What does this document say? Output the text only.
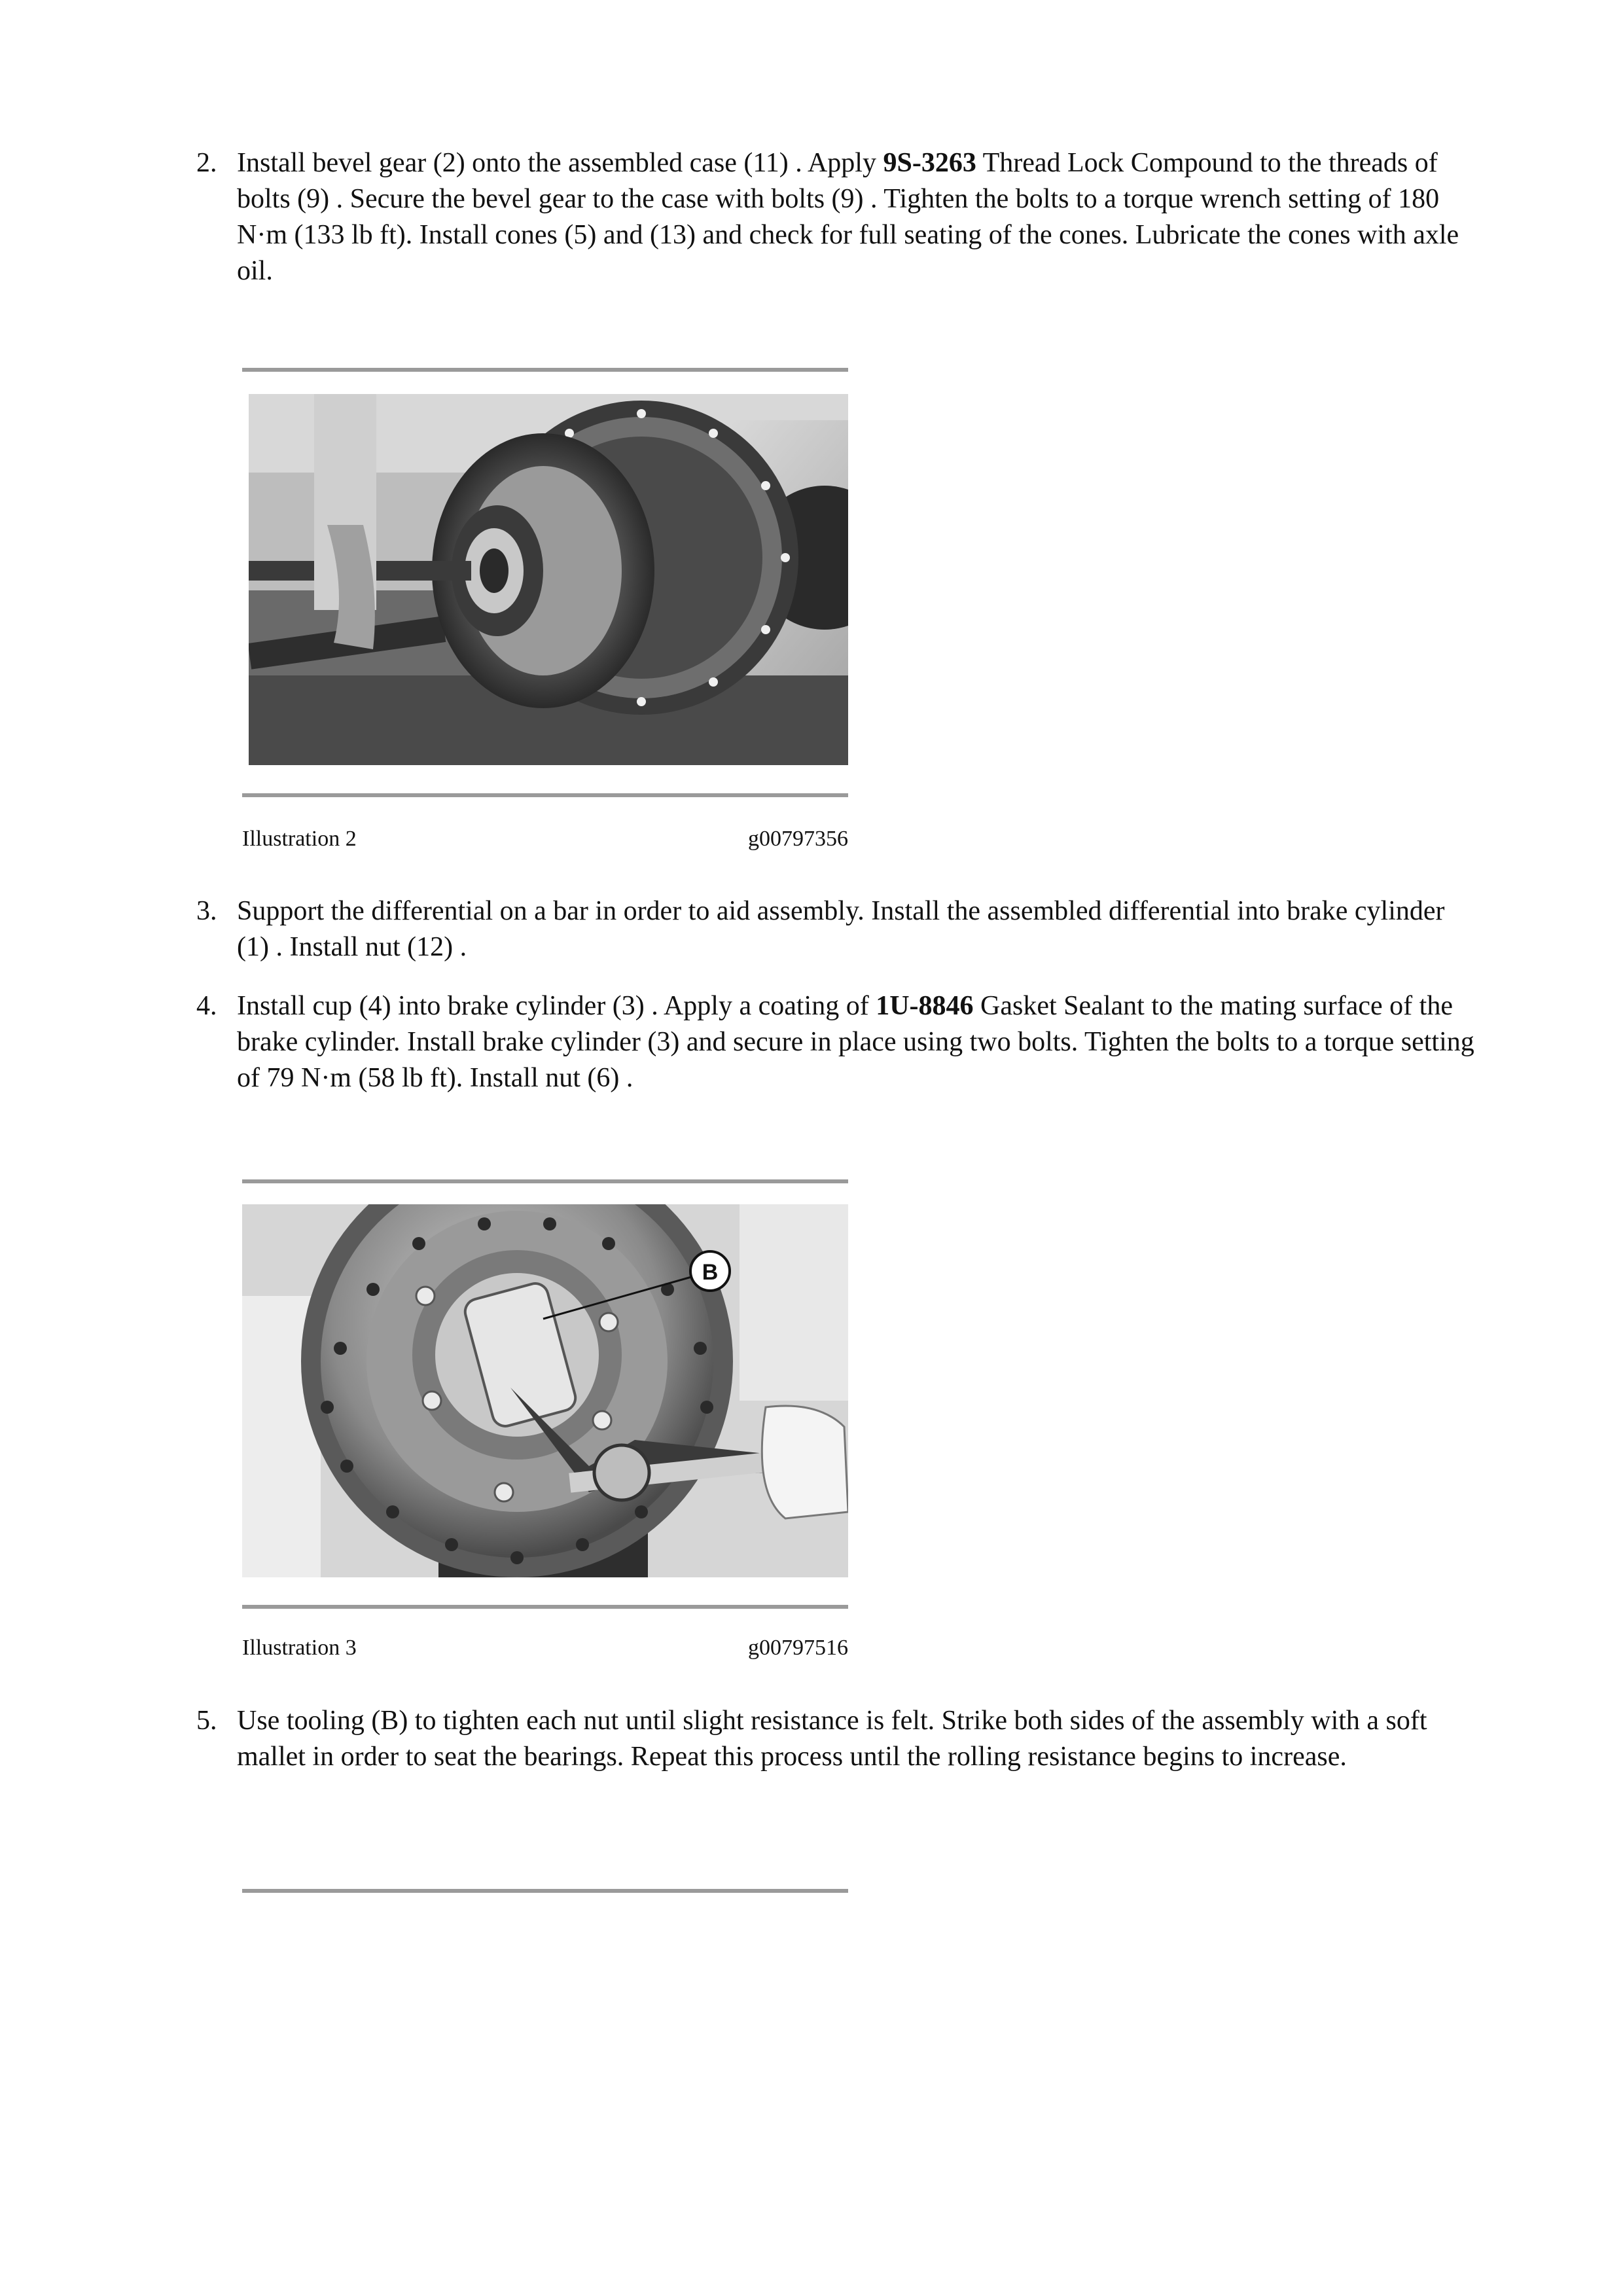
2. Install bevel gear (2) onto the assembled case (11) . Apply 9S-3263 Thread Lock Compound to the threads of bolts (9) . Secure the bevel gear to the case with bolts (9) . Tighten the bolts to a torque wrench setting of 180 N·m (133 lb ft). Install cones (5) and (13) and check for full seating of the cones. Lubricate the cones with axle oil.
Illustration 2	g00797356
3. Support the differential on a bar in order to aid assembly. Install the assembled differential into brake cylinder (1) . Install nut (12) .
4. Install cup (4) into brake cylinder (3) . Apply a coating of 1U-8846 Gasket Sealant to the mating surface of the brake cylinder. Install brake cylinder (3) and secure in place using two bolts. Tighten the bolts to a torque setting of 79 N·m (58 lb ft). Install nut (6) .
B
Illustration 3	g00797516
5. Use tooling (B) to tighten each nut until slight resistance is felt. Strike both sides of the assembly with a soft mallet in order to seat the bearings. Repeat this process until the rolling resistance begins to increase.
